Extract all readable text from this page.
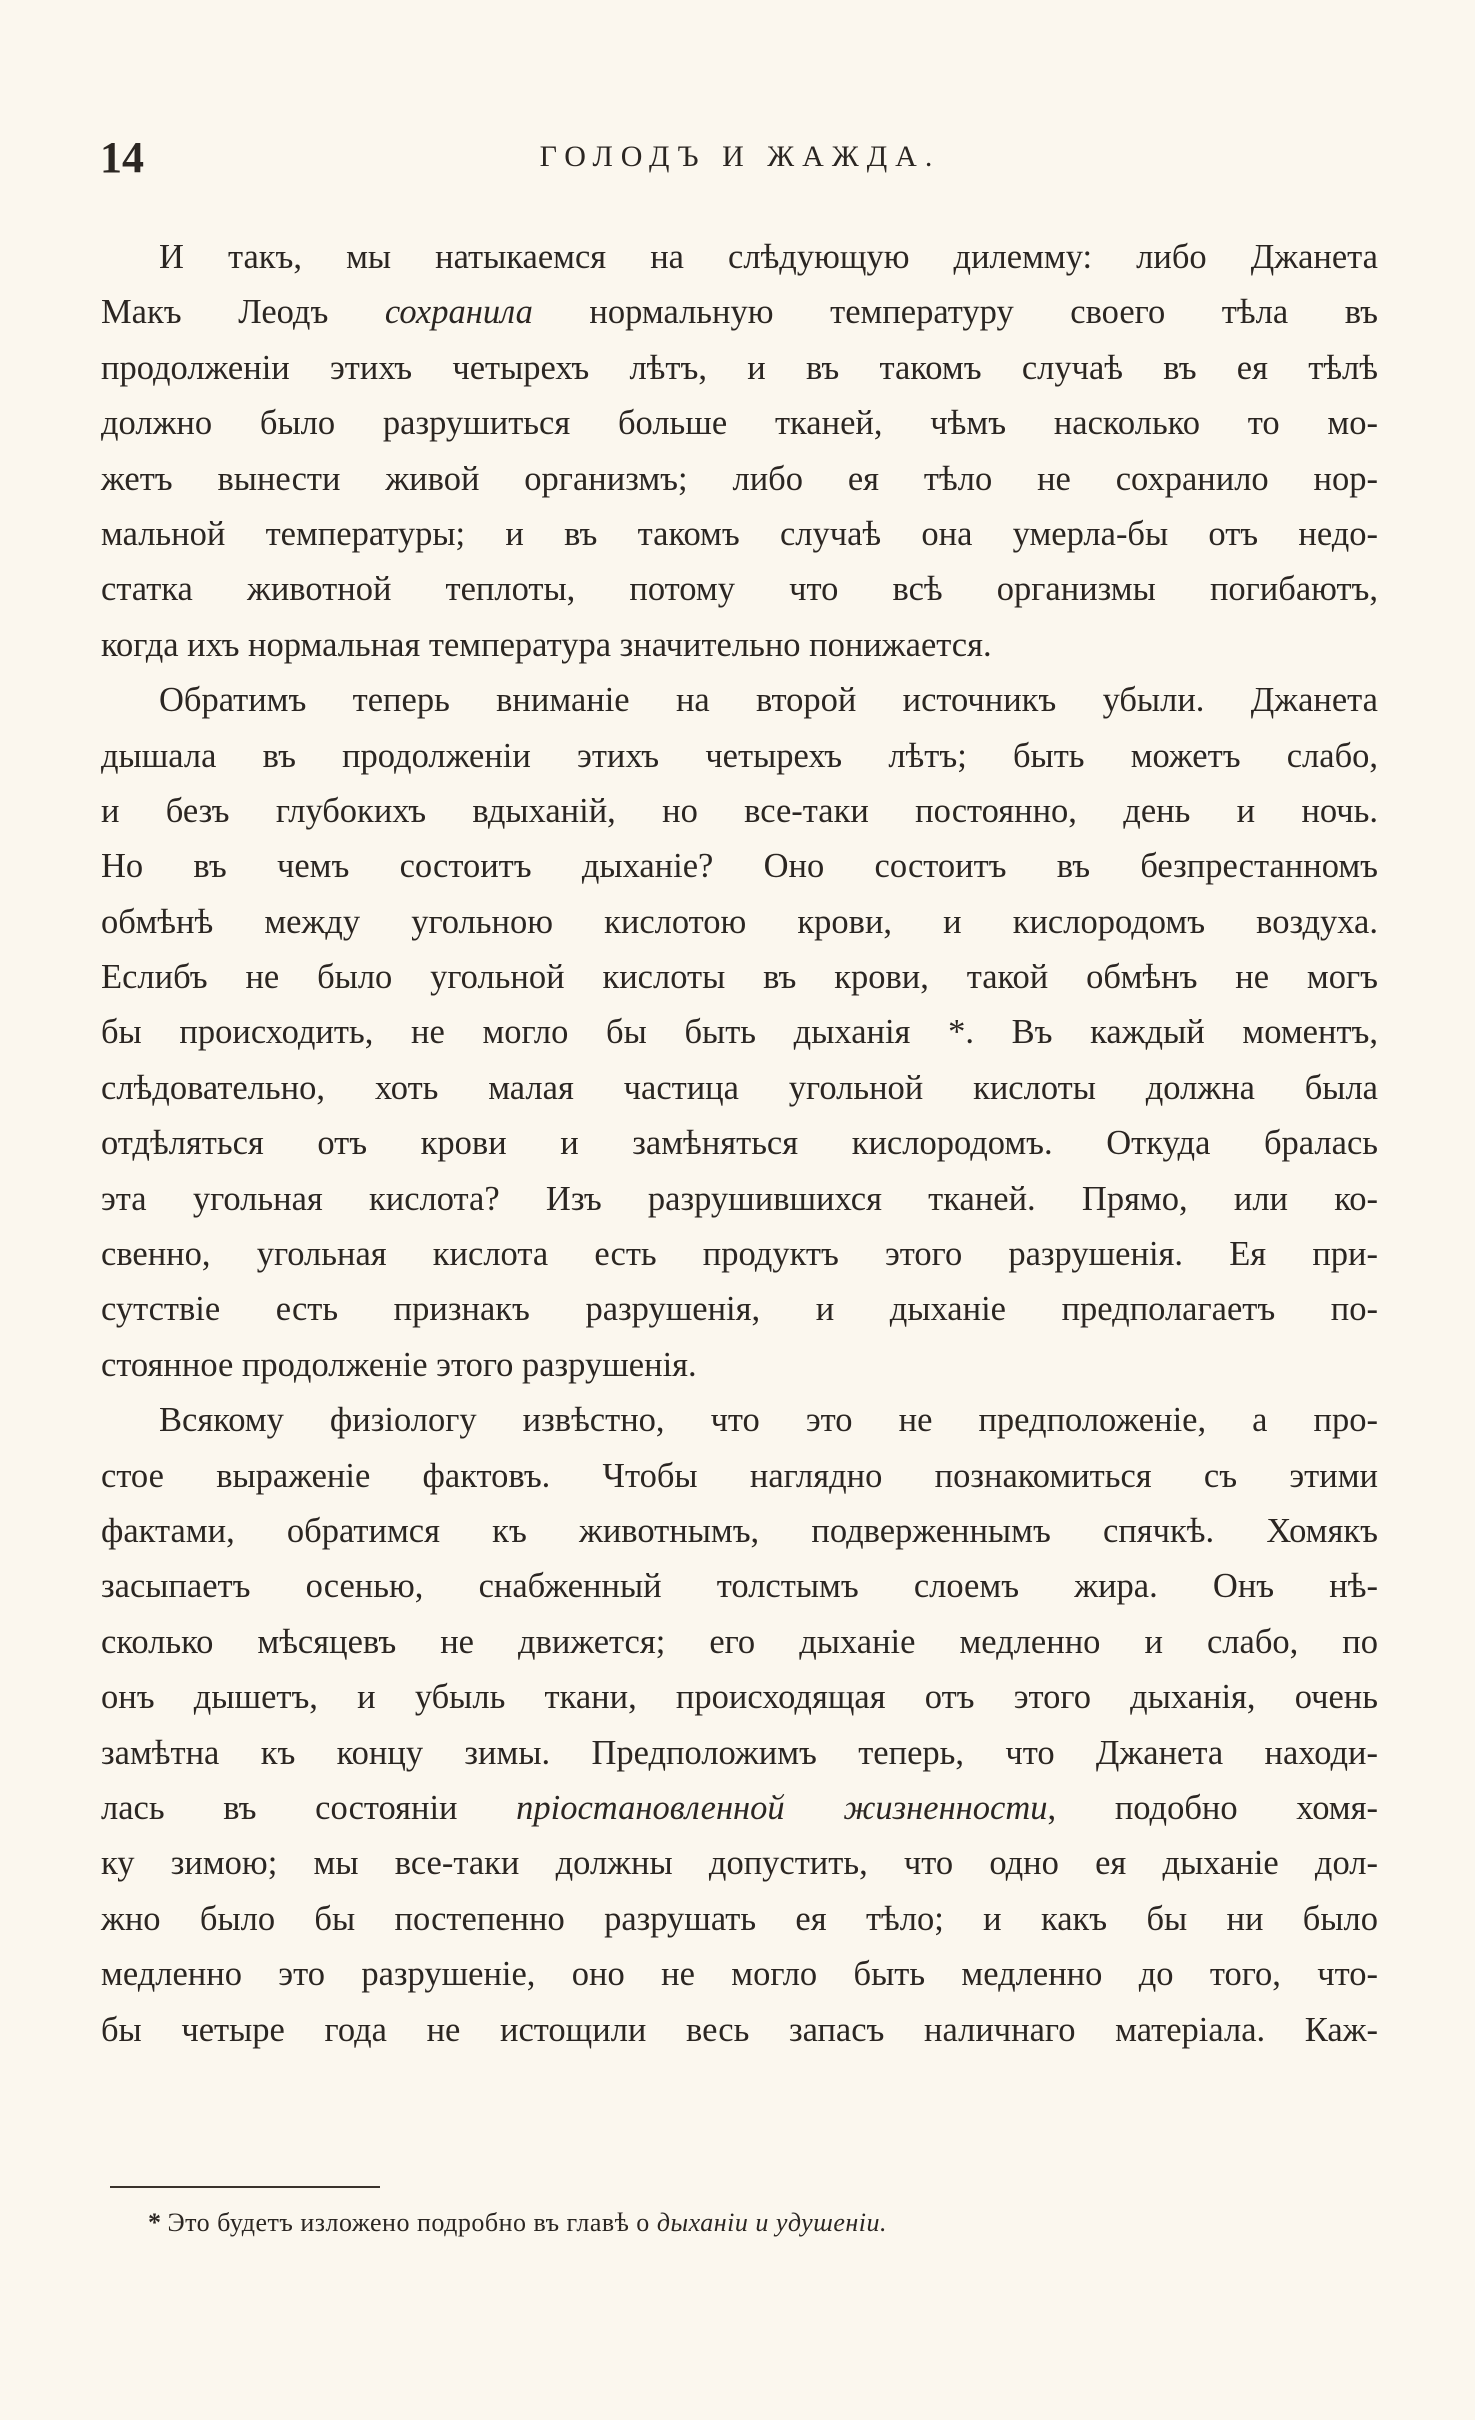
14	ГОЛОДЪ И ЖАЖДА.
И такъ, мы натыкаемся на слѣдующую дилемму: либо Джанета
Макъ Леодъ сохранила нормальную температуру своего тѣла въ
продолженіи этихъ четырехъ лѣтъ, и въ такомъ случаѣ въ ея тѣлѣ
должно было разрушиться больше тканей, чѣмъ насколько то мо-
жетъ вынести живой организмъ; либо ея тѣло не сохранило нор-
мальной температуры; и въ такомъ случаѣ она умерла-бы отъ недо-
статка животной теплоты, потому что всѣ организмы погибаютъ,
когда ихъ нормальная температура значительно понижается.
Обратимъ теперь вниманіе на второй источникъ убыли. Джанета
дышала въ продолженіи этихъ четырехъ лѣтъ; быть можетъ слабо,
и безъ глубокихъ вдыханій, но все-таки постоянно, день и ночь.
Но въ чемъ состоитъ дыханіе? Оно состоитъ въ безпрестанномъ
обмѣнѣ между угольною кислотою крови, и кислородомъ воздуха.
Еслибъ не было угольной кислоты въ крови, такой обмѣнъ не могъ
бы происходить, не могло бы быть дыханія *. Въ каждый моментъ,
слѣдовательно, хоть малая частица угольной кислоты должна была
отдѣляться отъ крови и замѣняться кислородомъ. Откуда бралась
эта угольная кислота? Изъ разрушившихся тканей. Прямо, или ко-
свенно, угольная кислота есть продуктъ этого разрушенія. Ея при-
сутствіе есть признакъ разрушенія, и дыханіе предполагаетъ по-
стоянное продолженіе этого разрушенія.
Всякому физіологу извѣстно, что это не предположеніе, а про-
стое выраженіе фактовъ. Чтобы наглядно познакомиться съ этими
фактами, обратимся къ животнымъ, подверженнымъ спячкѣ. Хомякъ
засыпаетъ осенью, снабженный толстымъ слоемъ жира. Онъ нѣ-
сколько мѣсяцевъ не движется; его дыханіе медленно и слабо, по
онъ дышетъ, и убыль ткани, происходящая отъ этого дыханія, очень
замѣтна къ концу зимы. Предположимъ теперь, что Джанета находи-
лась въ состояніи пріостановленной жизненности, подобно хомя-
ку зимою; мы все-таки должны допустить, что одно ея дыханіе дол-
жно было бы постепенно разрушать ея тѣло; и какъ бы ни было
медленно это разрушеніе, оно не могло быть медленно до того, что-
бы четыре года не истощили весь запасъ наличнаго матеріала. Каж-
* Это будетъ изложено подробно въ главѣ о дыханіи и удушеніи.
